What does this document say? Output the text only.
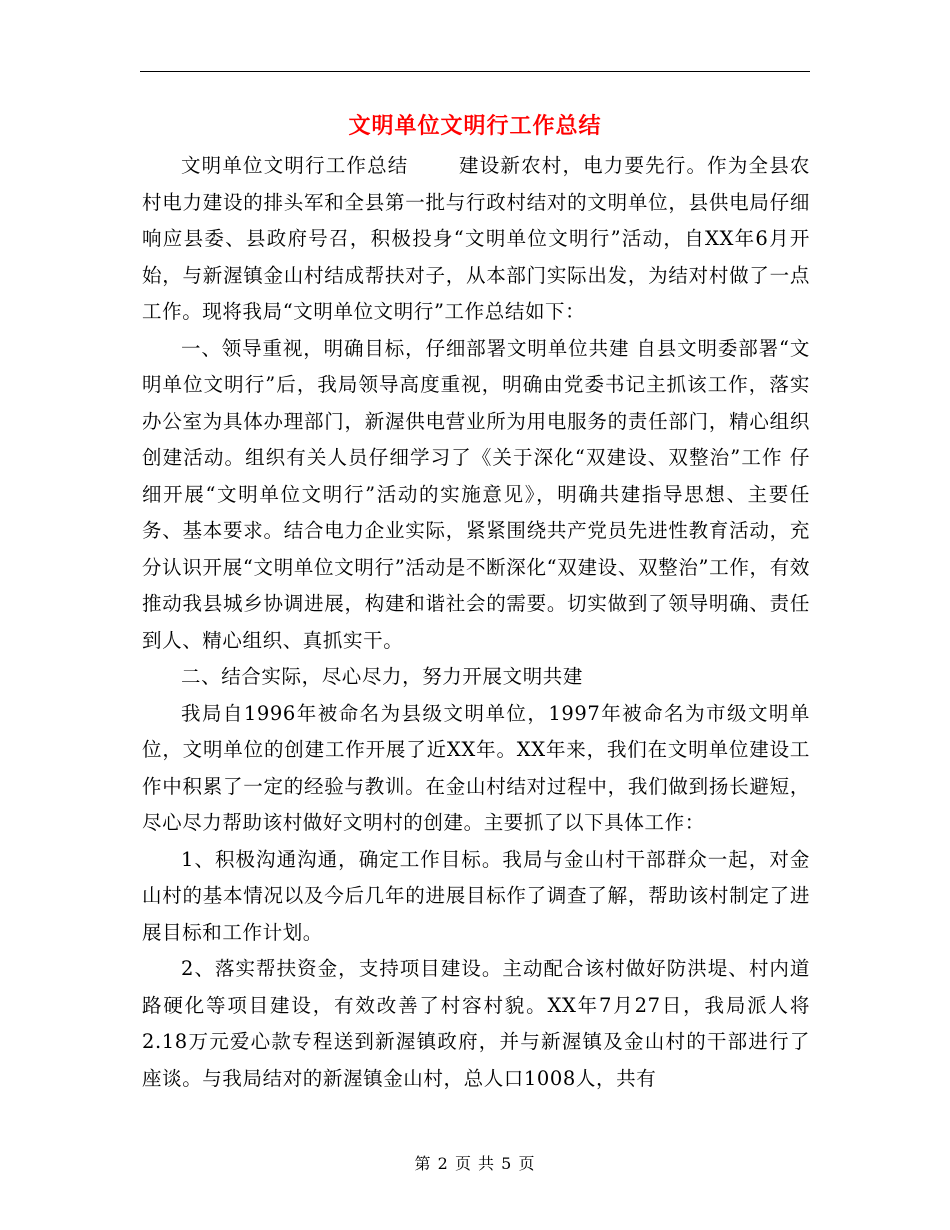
文明单位文明行工作总结

文明单位文明行工作总结	建设新农村，电力要先行。作为全县农村电力建设的排头军和全县第一批与行政村结对的文明单位，县供电局仔细响应县委、县政府号召，积极投身“文明单位文明行”活动，自XX年6月开始，与新渥镇金山村结成帮扶对子，从本部门实际出发，为结对村做了一点工作。现将我局“文明单位文明行”工作总结如下：

一、领导重视，明确目标，仔细部署文明单位共建 自县文明委部署“文明单位文明行”后，我局领导高度重视，明确由党委书记主抓该工作，落实办公室为具体办理部门，新渥供电营业所为用电服务的责任部门，精心组织创建活动。组织有关人员仔细学习了《关于深化“双建设、双整治”工作 仔细开展“文明单位文明行”活动的实施意见》，明确共建指导思想、主要任务、基本要求。结合电力企业实际，紧紧围绕共产党员先进性教育活动，充分认识开展“文明单位文明行”活动是不断深化“双建设、双整治”工作，有效推动我县城乡协调进展，构建和谐社会的需要。切实做到了领导明确、责任到人、精心组织、真抓实干。

二、结合实际，尽心尽力，努力开展文明共建

我局自1996年被命名为县级文明单位，1997年被命名为市级文明单位，文明单位的创建工作开展了近XX年。XX年来，我们在文明单位建设工作中积累了一定的经验与教训。在金山村结对过程中，我们做到扬长避短，尽心尽力帮助该村做好文明村的创建。主要抓了以下具体工作：

1、积极沟通沟通，确定工作目标。我局与金山村干部群众一起，对金山村的基本情况以及今后几年的进展目标作了调查了解，帮助该村制定了进展目标和工作计划。

2、落实帮扶资金，支持项目建设。主动配合该村做好防洪堤、村内道路硬化等项目建设，有效改善了村容村貌。XX年7月27日，我局派人将2.18万元爱心款专程送到新渥镇政府，并与新渥镇及金山村的干部进行了座谈。与我局结对的新渥镇金山村，总人口1008人，共有

第 2 页 共 5 页
